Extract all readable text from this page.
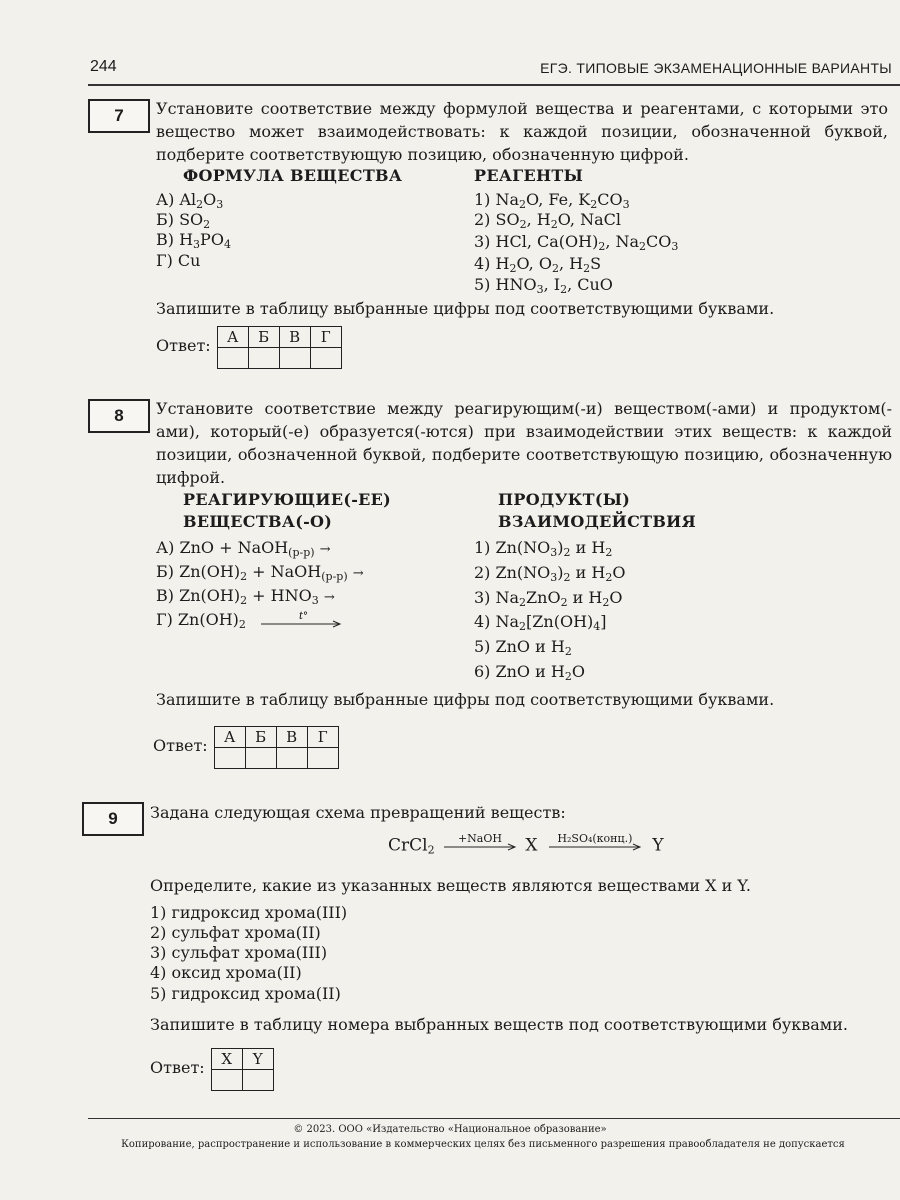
244	ЕГЭ. ТИПОВЫЕ ЭКЗАМЕНАЦИОННЫЕ ВАРИАНТЫ
7	Установите соответствие между формулой вещества и реагентами, с которыми это вещество может взаимодействовать: к каждой позиции, обозначенной буквой, подберите соответствующую позицию, обозначенную цифрой.
ФОРМУЛА ВЕЩЕСТВА	РЕАГЕНТЫ
А) $Al_2O_3$
Б) $SO_2$
В) $H_3PO_4$
Г) Cu
1) $Na_2O$, Fe, $K_2CO_3$
2) $SO_2$, $H_2O$, NaCl
3) HCl, $Ca(OH)_2$, $Na_2CO_3$
4) $H_2O$, $O_2$, $H_2S$
5) $HNO_3$, $I_2$, CuO
Запишите в таблицу выбранные цифры под соответствующими буквами.
Ответ: А	Б	В	Г

8	Установите соответствие между реагирующим(-и) веществом(-ами) и продуктом(-ами), который(-е) образуется(-ются) при взаимодействии этих веществ: к каждой позиции, обозначенной буквой, подберите соответствующую позицию, обозначенную цифрой.
РЕАГИРУЮЩИЕ(-ЕЕ)
ВЕЩЕСТВА(-О)
ПРОДУКТ(Ы)
ВЗАИМОДЕЙСТВИЯ
А) ZnO + NaOH$_{(р-р)}$ →
Б) $Zn(OH)_2$ + NaOH$_{(р-р)}$ →
В) $Zn(OH)_2 + HNO_3$ →
Г) $Zn(OH)_2$
t°
1) $Zn(NO_3)_2$ и $H_2$
2) $Zn(NO_3)_2$ и $H_2O$
3) $Na_2ZnO_2$ и $H_2O$
4) $Na_2[Zn(OH)_4]$
5) ZnO и $H_2$
6) ZnO и $H_2O$
Запишите в таблицу выбранные цифры под соответствующими буквами.
Ответ: А	Б	В	Г

9	Задана следующая схема превращений веществ:
CrCl$_2$
+NaOH	X	H₂SO₄(конц.)	Y
Определите, какие из указанных веществ являются веществами X и Y.
1) гидроксид хрома(III)
2) сульфат хрома(II)
3) сульфат хрома(III)
4) оксид хрома(II)
5) гидроксид хрома(II)
Запишите в таблицу номера выбранных веществ под соответствующими буквами.
Ответ: X	Y

© 2023. ООО «Издательство «Национальное образование»
Копирование, распространение и использование в коммерческих целях без письменного разрешения правообладателя не допускается
